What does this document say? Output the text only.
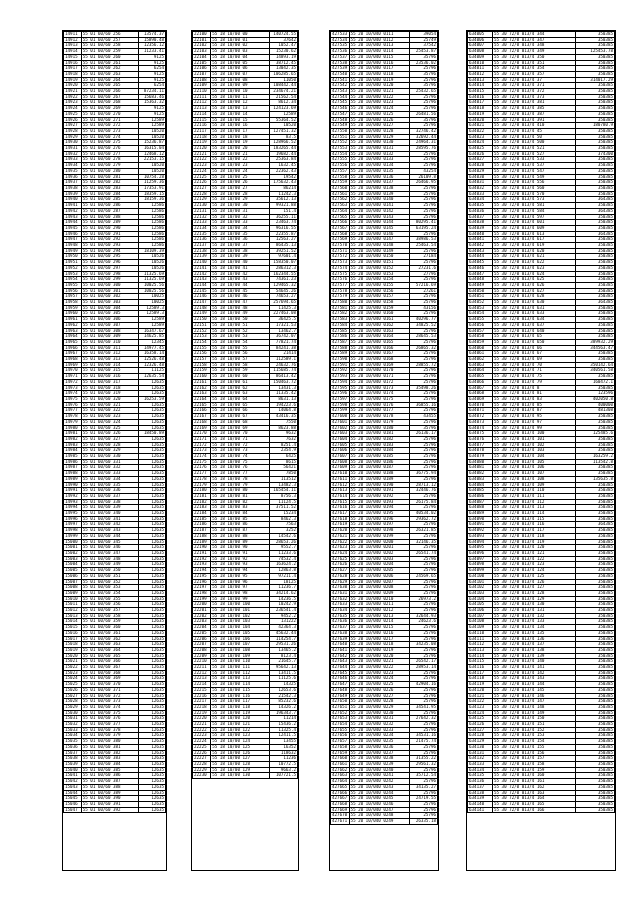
14911	55 01 60/60 256	13574.37
14912	55 01 60/60 257	15890.48
14913	55 01 60/60 258	12356.12
14914	55 01 60/60 259	11233.41
14915	55 01 60/60 260	9125
14916	55 01 60/60 261	9125
14917	55 01 60/60 262	6254
14918	55 01 60/60 263	9125
14919	55 01 60/60 264	9125
14920	55 01 60/60 265	6254
14921	55 01 60/60 266	87234.11
14922	55 01 60/60 267	15683.46
14923	55 01 60/60 268	15363.32
14924	55 01 60/60 269	9125
14925	55 01 60/60 270	9125
14926	55 01 60/60 271	12589
14927	55 01 60/60 272	12589
14928	55 01 60/60 273	10520
14929	55 01 60/60 274	10520
14930	55 01 60/60 275	15236.87
14931	55 01 60/60 276	16315.04
14932	55 01 60/60 277	12468.12
14933	55 01 60/60 278	22153.15
14934	55 01 60/60 279	10520
14935	55 01 60/60 280	10520
14936	55 01 60/60 281	10754.28
14937	55 01 60/60 282	11259.36
14938	55 01 60/60 283	17353.91
14939	55 01 60/60 284	18359.15
14940	55 01 60/60 285	18159.36
14941	55 01 60/60 286	12586
14942	55 01 60/60 287	12586
14943	55 01 60/60 288	12586
14944	55 01 60/60 289	12586
14945	55 01 60/60 290	12586
14946	55 01 60/60 291	12586
14947	55 01 60/60 292	12586
14948	55 01 60/60 293	12586
14949	55 01 60/60 294	18109.39
14950	55 01 60/60 295	10526
14951	55 01 60/60 296	10526
14952	55 01 60/60 297	10526
14953	55 01 60/60 298	11325.69
14954	55 01 60/60 299	11325.69
14955	55 01 60/60 300	10025.56
14956	55 01 60/60 301	10025.56
14957	55 01 60/60 302	10025
14958	55 01 60/60 303	10025
14959	55 01 60/60 304	12589.3
14960	55 01 60/60 305	12589.3
14961	55 01 60/60 306	12589
14962	55 01 60/60 307	12589
14963	55 01 60/60 308	16347.67
14964	55 01 60/60 309	14625.85
14965	55 01 60/60 310	12345
14966	55 01 60/60 311	14977.45
14967	55 01 60/60 312	16358.14
14968	55 01 60/60 313	12526.48
14969	55 01 60/60 314	12326.48
14970	55 01 60/60 315	11125
14971	55 01 60/60 316	12635.54
14972	55 01 60/60 317	12635
14973	55 01 60/60 318	12635
14974	55 01 60/60 319	12635
14975	55 01 60/60 320	16253.59
14976	55 01 60/60 321	12635
14977	55 01 60/60 322	12635
14978	55 01 60/60 323	12635
14979	55 01 60/60 324	12635
14980	55 01 60/60 325	12635
14981	55 01 60/60 326	18450.89
14982	55 01 60/60 327	12635
14983	55 01 60/60 328	12635
14984	55 01 60/60 329	12635
14985	55 01 60/60 330	12635
14986	55 01 60/60 331	12635
14987	55 01 60/60 332	12635
14988	55 01 60/60 333	12635
14989	55 01 60/60 334	12635
14990	55 01 60/60 335	12635
14991	55 01 60/60 336	12635
14992	55 01 60/60 337	12635
14993	55 01 60/60 338	12635
14994	55 01 60/60 339	12635
14995	55 01 60/60 340	12635
14996	55 01 60/60 341	12635
14997	55 01 60/60 342	12635
14998	55 01 60/60 343	12635
14999	55 01 60/60 344	12635
15000	55 01 60/60 345	12635
15001	55 01 60/60 346	12635
15002	55 01 60/60 347	12635
15003	55 01 60/60 348	12635
15004	55 01 60/60 349	12635
15005	55 01 60/60 350	12635
15006	55 01 60/60 351	12635
15007	55 01 60/60 352	12635
15008	55 01 60/60 353	12635
15009	55 01 60/60 354	12635
15010	55 01 60/60 355	12635
15011	55 01 60/60 356	12635
15012	55 01 60/60 357	12635
15013	55 01 60/60 358	12635
15014	55 01 60/60 359	12635
15015	55 01 60/60 360	12635
15016	55 01 60/60 361	12635
15017	55 01 60/60 362	12635
15018	55 01 60/60 363	12635
15019	55 01 60/60 364	12635
15020	55 01 60/60 365	12635
15021	55 01 60/60 366	12635
15022	55 01 60/60 367	12635
15023	55 01 60/60 368	12635
15024	55 01 60/60 369	12635
15025	55 01 60/60 370	12635
15026	55 01 60/60 371	12635
15027	55 01 60/60 372	12635
15028	55 01 60/60 373	12635
15029	55 01 60/60 374	12635
15030	55 01 60/60 375	12635
15031	55 01 60/60 376	12635
15032	55 01 60/60 377	12635
15033	55 01 60/60 378	12635
15034	55 01 60/60 379	12635
15035	55 01 60/60 380	12635
15036	55 01 60/60 381	12635
15037	55 01 60/60 382	12635
15038	55 01 60/60 383	12635
15039	55 01 60/60 384	12635
15040	55 01 60/60 385	12635
15041	55 01 60/60 386	12635
15042	55 01 60/60 387	12635
15043	55 01 60/60 388	12635
15044	55 01 60/60 389	12635
15045	55 01 60/60 390	12635
15046	55 01 60/60 391	12635
15047	55 01 60/60 392	12635
22100	55 18 10/00 00	140724.55
22101	55 18 10/00 01	37642
22102	55 18 10/00 02	1052.47
22103	55 18 10/00 03	15230.62
22104	55 18 10/00 04	14893.19
22105	55 18 10/00 05	38712.45
22106	55 18 10/00 06	13042.35
22107	55 18 10/00 07	106285.65
22108	55 18 10/00 08	11050
22109	55 18 10/00 09	108442.44
22110	55 18 10/00 10	234674.21
22111	55 18 10/00 11	21562.54
22112	55 18 10/00 12	8612.34
22113	55 18 10/00 13	124123.69
22114	55 18 10/00 14	12589
22115	55 18 10/00 15	55364.52
22116	55 18 10/00 16	10520
22117	55 18 10/00 17	127451.32
22118	55 18 10/00 18	83.5
22119	55 18 10/00 19	128966.52
22120	55 18 10/00 20	183265.44
22121	55 18 10/00 21	19682.44
22122	55 18 10/00 22	25363.84
22123	55 18 10/00 23	1632.45
22124	55 18 10/00 24	22362.43
22125	55 18 10/00 25	19542
22126	55 18 10/00 26	175632.43
22127	55 18 10/00 27	86214
22128	55 18 10/00 28	11242.3
22129	55 18 10/00 29	35612.13
22130	55 18 10/00 30	99321.88
22131	55 18 10/00 31	151.4
22132	55 18 10/00 32	36255.11
22133	55 18 10/00 33	23463.74
22134	55 18 10/00 34	96316.55
22135	55 18 10/00 35	22355.87
22136	55 18 10/00 36	12563.27
22137	55 18 10/00 37	86435.13
22138	55 18 10/00 38	39251.52
22139	55 18 10/00 39	97601.4
22140	55 18 10/00 40	158350.07
22141	55 18 10/00 41	286312.3
22142	55 18 10/00 42	162344.55
22143	55 18 10/00 43	74361.23
22144	55 18 10/00 44	129465.32
22145	55 18 10/00 45	54645.26
22146	55 18 10/00 46	74653.27
22147	55 18 10/00 47	257694.65
22148	55 18 10/00 48	11425.3
22149	55 18 10/00 49	227463.08
22150	55 18 10/00 50	36425.5
22151	55 18 10/00 51	17321.53
22152	55 18 10/00 52	13462.7
22153	55 18 10/00 53	36742.07
22154	55 18 10/00 54	77821.74
22155	55 18 10/00 55	84241.38
22156	55 18 10/00 56	21414
22157	55 18 10/00 57	112589.1
22158	55 18 10/00 58	24632.76
22159	55 18 10/00 59	115685.74
22160	55 18 10/00 60	86413.42
22161	55 18 10/00 61	150463.72
22162	55 18 10/00 62	13431.3
22163	55 18 10/00 63	11335.42
22164	55 18 10/00 64	8631.13
22165	55 18 10/00 65	194223.6
22166	55 18 10/00 66	14064.8
22167	55 18 10/00 67	43416.35
22168	55 18 10/00 68	7550
22169	55 18 10/00 69	8623.88
22170	55 18 10/00 70	9632
22171	55 18 10/00 71	7632
22172	55 18 10/00 72	8251.4
22173	55 18 10/00 73	2354.9
22174	55 18 10/00 74	6425
22175	55 18 10/00 75	8615
22176	55 18 10/00 76	56421
22177	55 18 10/00 77	7850
22178	55 18 10/00 78	113512
22179	55 18 10/00 79	13482.3
22180	55 18 10/00 80	165454.11
22181	55 18 10/00 81	8756.3
22182	55 18 10/00 82	11124.5
22183	55 18 10/00 83	37511.52
22184	55 18 10/00 84	15234
22185	55 18 10/00 85	8462.3
22186	55 18 10/00 86	7563
22187	55 18 10/00 87	3252
22188	55 18 10/00 88	14542.6
22189	55 18 10/00 89	28653.26
22190	55 18 10/00 90	9552.7
22191	55 18 10/00 91	11233.6
22192	55 18 10/00 92	74532.4
22193	55 18 10/00 93	163624.2
22194	55 18 10/00 94	12863.8
22195	55 18 10/00 95	97211.4
22196	55 18 10/00 96	18125
22197	55 18 10/00 97	11236.7
22198	55 18 10/00 98	34214.62
22199	55 18 10/00 99	14236.5
22200	55 18 10/00 100	10242.9
22201	55 18 10/00 101	236541.4
22202	55 18 10/00 102	9452.2
22203	55 18 10/00 103	131222
22204	55 18 10/00 104	42364.3
22205	55 18 10/00 105	45632.44
22206	55 18 10/00 106	114254.7
22207	55 18 10/00 107	29531.26
22208	55 18 10/00 108	13465.2
22209	55 18 10/00 109	8123.4
22210	55 18 10/00 110	21645.7
22211	55 18 10/00 111	95642.13
22212	55 18 10/00 112	13411.5
22213	55 18 10/00 113	11125.6
22214	55 18 10/00 114	14325
22215	55 18 10/00 115	12653.6
22216	55 18 10/00 116	21542.3
22217	55 18 10/00 117	85232.6
22218	55 18 10/00 118	14326.2
22219	55 18 10/00 119	196343.7
22220	55 18 10/00 120	11214
22221	55 18 10/00 121	15436.2
22222	55 18 10/00 122	11325.4
22223	55 18 10/00 123	12411.5
22224	55 18 10/00 124	13455
22225	55 18 10/00 125	16352
22226	55 18 10/00 126	118632
22227	55 18 10/00 127	11236
22228	55 18 10/00 128	10772.5
22229	55 18 10/00 129	9663.2
22230	55 18 10/00 130	107721.5
427533	55 20 10/040 0111	39054
427534	55 20 10/040 0112	25749
427535	55 20 10/040 0113	37542
427536	55 20 10/040 0114	25453.87
427537	55 20 10/040 0115	35796
427538	55 20 10/040 0116	23536.02
427539	55 20 10/040 0117	25796
427540	55 20 10/040 0118	35796
427541	55 20 10/040 0119	25796
427542	55 20 10/040 0120	35796
427543	55 20 10/040 0121	25432.65
427544	55 20 10/040 0122	25796
427545	55 20 10/040 0123	25796
427546	55 20 10/040 0124	25796
427547	55 20 10/040 0125	26481.56
427548	55 20 10/040 0126	35796
427549	55 20 10/040 0127	25796
427550	55 20 10/040 0128	32746.42
427551	55 20 10/040 0129	32692.44
427552	55 20 10/040 0130	24964.31
427553	55 20 10/040 0131	28595.76
427554	55 20 10/040 0132	25796
427555	55 20 10/040 0133	25796
427556	55 20 10/040 0134	25796
427557	55 20 10/040 0135	43254
427558	55 20 10/040 0136	26109.8
427559	55 20 10/040 0137	26466.95
427560	55 20 10/040 0138	25796
427561	55 20 10/040 0139	25796
427562	55 20 10/040 0140	25796
427563	55 20 10/040 0141	25796
427564	55 20 10/040 0142	25796
427565	55 20 10/040 0143	25796
427566	55 20 10/040 0144	80295.41
427567	55 20 10/040 0145	63195.24
427568	55 20 10/040 0146	25796
427569	55 20 10/040 0147	38986.53
427570	55 20 10/040 0148	25463.54
427571	55 20 10/040 0149	25796
427572	55 20 10/040 0150	27184
427573	55 20 10/040 0151	25796
427574	55 20 10/040 0152	27231.6
427575	55 20 10/040 0153	27796
427576	55 20 10/040 0154	25796
427577	55 20 10/040 0155	57216.69
427578	55 20 10/040 0156	27261
427579	55 20 10/040 0157	25796
427580	55 20 10/040 0158	25796
427581	55 20 10/040 0159	43156
427582	55 20 10/040 0160	25796
427583	55 20 10/040 0161	40296.77
427584	55 20 10/040 0162	34825.52
427585	55 20 10/040 0163	25796
427586	55 20 10/040 0164	28645.53
427587	55 20 10/040 0165	25796
427588	55 20 10/040 0166	26865.32
427589	55 20 10/040 0167	25796
427590	55 20 10/040 0168	25796
427591	55 20 10/040 0169	28855.72
427592	55 20 10/040 0170	25796
427593	55 20 10/040 0171	25796
427594	55 20 10/040 0172	25796
427595	55 20 10/040 0173	35498.26
427596	55 20 10/040 0174	25796
427597	55 20 10/040 0175	25796
427598	55 20 10/040 0176	36855.16
427599	55 20 10/040 0177	25796
427600	55 20 10/040 0178	43455
427601	55 20 10/040 0179	25796
427602	55 20 10/040 0180	35796
427603	55 20 10/040 0181	26136.17
427604	55 20 10/040 0182	25796
427605	55 20 10/040 0183	25796
427606	55 20 10/040 0184	25796
427607	55 20 10/040 0185	25796
427608	55 20 10/040 0186	25796
427609	55 20 10/040 0187	25796
427610	55 20 10/040 0188	36775.94
427611	55 20 10/040 0189	25796
427612	55 20 10/040 0190	28713.12
427613	55 20 10/040 0191	32446.76
427614	55 20 10/040 0192	25796
427615	55 20 10/040 0193	26175.84
427616	55 20 10/040 0194	25796
427617	55 20 10/040 0195	40534.02
427618	55 20 10/040 0196	29362.72
427619	55 20 10/040 0197	25796
427620	55 20 10/040 0198	26321.85
427621	55 20 10/040 0199	25796
427622	55 20 10/040 0200	32146.35
427623	55 20 10/040 0201	25796
427624	55 20 10/040 0202	26541.74
427625	55 20 10/040 0203	25796
427626	55 20 10/040 0204	25796
427627	55 20 10/040 0205	25796
427628	55 20 10/040 0206	24569.65
427629	55 20 10/040 0207	25796
427630	55 20 10/040 0208	25796
427631	55 20 10/040 0209	25796
427632	55 20 10/040 0210	26973.2
427633	55 20 10/040 0211	25796
427634	55 20 10/040 0212	25796
427635	55 20 10/040 0213	32644.93
427636	55 20 10/040 0214	24623.6
427637	55 20 10/040 0215	25796
427638	55 20 10/040 0216	25796
427639	55 20 10/040 0217	25796
427640	55 20 10/040 0218	34235.08
427641	55 20 10/040 0219	25796
427642	55 20 10/040 0220	25796
427643	55 20 10/040 0221	26542.17
427644	55 20 10/040 0222	28953.14
427645	55 20 10/040 0223	25796
427646	55 20 10/040 0224	25796
427647	55 20 10/040 0225	42904.16
427648	55 20 10/040 0226	25796
427649	55 20 10/040 0227	25796
427650	55 20 10/040 0228	25796
427651	55 20 10/040 0229	34541.95
427652	55 20 10/040 0230	25796
427653	55 20 10/040 0231	27642.32
427654	55 20 10/040 0232	25796
427655	55 20 10/040 0233	25796
427656	55 20 10/040 0234	34531.16
427657	55 20 10/040 0235	21475.74
427658	55 20 10/040 0236	25796
427659	55 20 10/040 0237	25796
427660	55 20 10/040 0238	31355.22
427661	55 20 10/040 0239	29561.32
427662	55 20 10/040 0240	25796
427663	55 20 10/040 0241	35712.54
427664	55 20 10/040 0242	25796
427665	55 20 10/040 0243	34135.27
427666	55 20 10/040 0244	25796
427667	55 20 10/040 0245	24719.55
427668	55 20 10/040 0246	25796
427669	55 20 10/040 0247	25796
427670	55 20 10/040 0248	25796
427671	55 20 10/040 0249	26335.18
634005	55 30 72/0 013/4 344	350385
634006	55 30 72/0 013/4 347	350385
634007	55 30 72/0 013/4 348	350385
634008	55 30 72/0 013/4 349	125453.78
634009	55 30 72/0 013/4 350	350385
634010	55 30 72/0 013/4 351	350385
634011	55 30 72/0 013/4 354	350385
634012	55 30 72/0 013/4 357	350385
634013	55 30 72/0 013/4 37	314017.29
634014	55 30 72/0 013/4 371	350385
634015	55 30 72/0 013/4 372	350385
634016	55 30 72/0 013/4 373	350385
634017	55 30 72/0 013/4 381	350385
634018	55 30 72/0 013/4 385	350385
634019	55 30 72/0 013/4 387	350385
634020	55 30 72/0 013/4 391	350385
634021	55 30 72/0 013/4 410	180780.9
634022	55 30 72/0 013/4 45	350385
634023	55 30 72/0 013/4 50	350385
634024	55 30 72/0 013/4 500	350385
634025	55 30 72/0 013/4 521	350385
634026	55 30 72/0 013/4 527	374300
634027	55 30 72/0 013/4 533	350385
634028	55 30 72/0 013/4 537	350385
634029	55 30 72/0 013/4 547	350385
634030	55 30 72/0 013/4 549	350385
634031	55 30 72/0 013/4 556	350385
634032	55 30 72/0 013/4 560	350385
634033	55 30 72/0 013/4 570	350385
634034	55 30 72/0 013/4 573	364385
634035	55 30 72/0 013/4 581	350385
634036	55 30 72/0 013/4 584	364385
634037	55 30 72/0 013/4 597	350385
634038	55 30 72/0 013/4 601	350385
634039	55 30 72/0 013/4 609	350385
634040	55 30 72/0 013/4 613	364385
634041	55 30 72/0 013/4 617	350385
634042	55 30 72/0 013/4 619	350385
634043	55 30 72/0 013/4 620	350385
634044	55 30 72/0 013/4 621	350385
634045	55 30 72/0 013/4 622	350385
634046	55 30 72/0 013/4 623	350385
634047	55 30 72/0 013/4 624	350385
634048	55 30 72/0 013/4 625	350385
634049	55 30 72/0 013/4 626	350385
634050	55 30 72/0 013/4 627	350385
634051	55 30 72/0 013/4 628	350385
634052	55 30 72/0 013/4 630	364385
634053	55 30 72/0 013/4 631	350385
634054	55 30 72/0 013/4 633	350385
634055	55 30 72/0 013/4 634	350385
634056	55 30 72/0 013/4 637	350385
634057	55 30 72/0 013/4 640	350385
634058	55 30 72/0 013/4 65	350385
634059	55 30 72/0 013/4 650	389932.29
634060	55 30 72/0 013/4 66	344563.47
634061	55 30 72/0 013/4 67	350385
634062	55 30 72/0 013/4 69	350385
634063	55 30 72/0 013/4 70	350142.64
634064	55 30 72/0 013/4 71	340561.58
634065	55 30 72/0 013/4 75	350385
634066	55 30 72/0 013/4 79	160472.1
634067	55 30 72/0 013/4 8	350385
634068	55 30 72/0 013/4 81	123596
634069	55 30 72/0 013/4 83	402050.8
634070	55 30 72/0 013/4 85	400000
634071	55 30 72/0 013/4 87	481308
634072	55 30 72/0 013/4 95	350385
634073	55 30 72/0 013/4 97	350385
634074	55 30 72/0 013/4 99	350385
634075	55 30 72/0 013/4 100	125485.6
634076	55 30 72/0 013/4 101	350385
634077	55 30 72/0 013/4 102	350385
634078	55 30 72/0 013/4 103	350385
634079	55 30 72/0 013/4 104	163259.2
634080	55 30 72/0 013/4 105	113542.8
634081	55 30 72/0 013/4 106	350385
634082	55 30 72/0 013/4 107	350385
634083	55 30 72/0 013/4 108	135635.8
634084	55 30 72/0 013/4 109	350385
634085	55 30 72/0 013/4 110	350385
634086	55 30 72/0 013/4 111	350385
634087	55 30 72/0 013/4 112	350385
634088	55 30 72/0 013/4 113	350385
634089	55 30 72/0 013/4 114	350385
634090	55 30 72/0 013/4 115	350385
634091	55 30 72/0 013/4 116	364385
634092	55 30 72/0 013/4 117	350385
634093	55 30 72/0 013/4 118	350385
634094	55 30 72/0 013/4 119	350385
634095	55 30 72/0 013/4 120	350385
634096	55 30 72/0 013/4 121	350385
634097	55 30 72/0 013/4 122	350385
634098	55 30 72/0 013/4 123	350385
634099	55 30 72/0 013/4 124	350385
634100	55 30 72/0 013/4 125	350385
634101	55 30 72/0 013/4 126	350385
634102	55 30 72/0 013/4 127	350385
634103	55 30 72/0 013/4 128	350385
634104	55 30 72/0 013/4 129	350385
634105	55 30 72/0 013/4 130	350385
634106	55 30 72/0 013/4 131	350385
634107	55 30 72/0 013/4 132	350385
634108	55 30 72/0 013/4 133	350385
634109	55 30 72/0 013/4 134	350385
634110	55 30 72/0 013/4 135	350385
634111	55 30 72/0 013/4 136	350385
634112	55 30 72/0 013/4 137	350385
634113	55 30 72/0 013/4 138	350385
634114	55 30 72/0 013/4 139	350385
634115	55 30 72/0 013/4 140	350385
634116	55 30 72/0 013/4 141	350385
634117	55 30 72/0 013/4 142	350385
634118	55 30 72/0 013/4 143	350385
634119	55 30 72/0 013/4 144	350385
634120	55 30 72/0 013/4 145	350385
634121	55 30 72/0 013/4 146	350385
634122	55 30 72/0 013/4 147	350385
634123	55 30 72/0 013/4 148	350385
634124	55 30 72/0 013/4 149	350385
634125	55 30 72/0 013/4 150	350385
634126	55 30 72/0 013/4 151	350385
634127	55 30 72/0 013/4 152	350385
634128	55 30 72/0 013/4 153	350385
634129	55 30 72/0 013/4 154	350385
634130	55 30 72/0 013/4 155	350385
634131	55 30 72/0 013/4 156	350385
634132	55 30 72/0 013/4 157	350385
634133	55 30 72/0 013/4 158	350385
634134	55 30 72/0 013/4 159	350385
634135	55 30 72/0 013/4 160	350385
634136	55 30 72/0 013/4 161	350385
634137	55 30 72/0 013/4 162	350385
634138	55 30 72/0 013/4 163	350385
634139	55 30 72/0 013/4 164	350385
634140	55 30 72/0 013/4 165	350385
634141	55 30 72/0 013/4 166	350385
